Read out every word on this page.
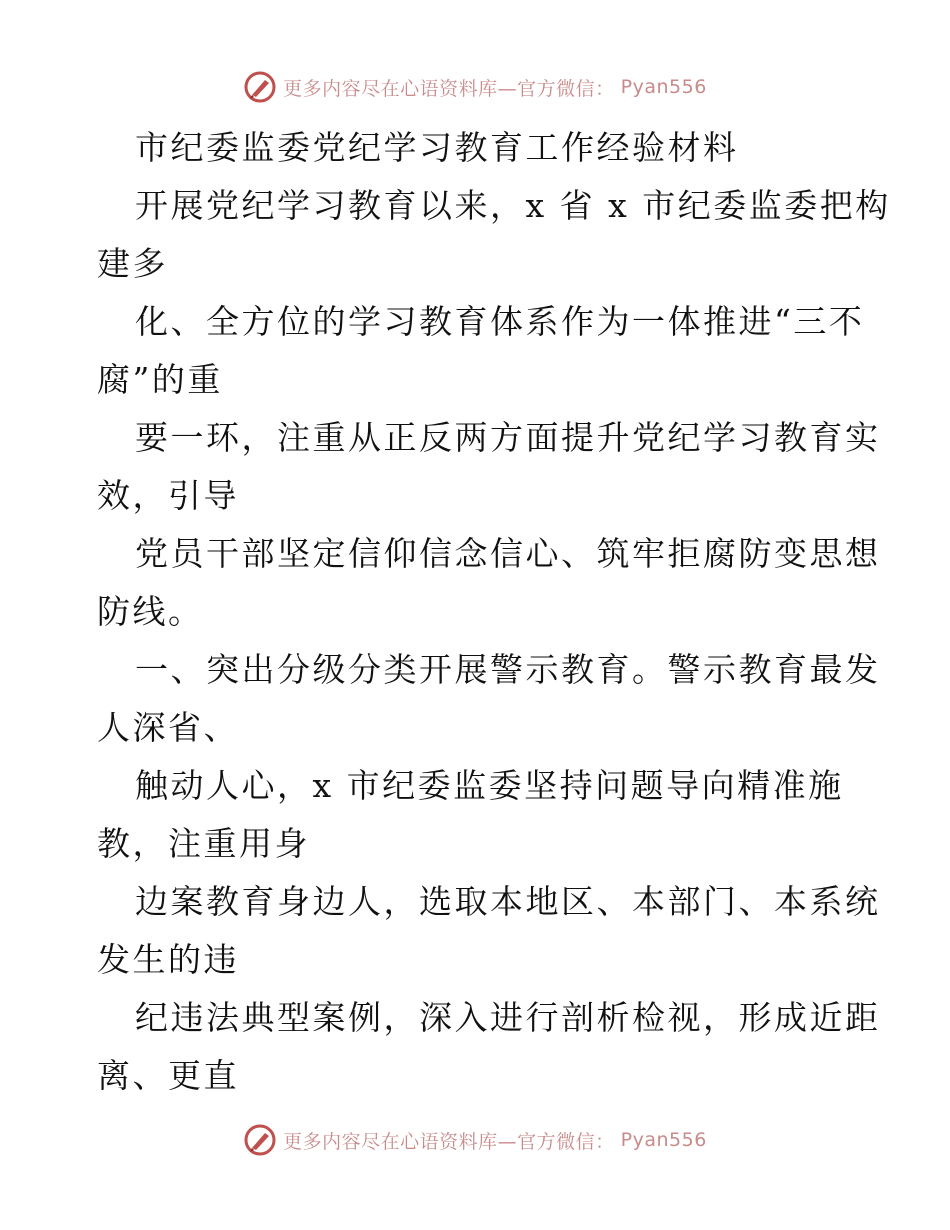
更多内容尽在心语资料库—官方微信： Pyan556
市纪委监委党纪学习教育工作经验材料
开展党纪学习教育以来，x 省 x 市纪委监委把构
建多
化、全方位的学习教育体系作为一体推进“三不
腐”的重
要一环，注重从正反两方面提升党纪学习教育实
效，引导
党员干部坚定信仰信念信心、筑牢拒腐防变思想
防线。
一、突出分级分类开展警示教育。警示教育最发
人深省、
触动人心，x 市纪委监委坚持问题导向精准施
教，注重用身
边案教育身边人，选取本地区、本部门、本系统
发生的违
纪违法典型案例，深入进行剖析检视，形成近距
离、更直
更多内容尽在心语资料库—官方微信： Pyan556
